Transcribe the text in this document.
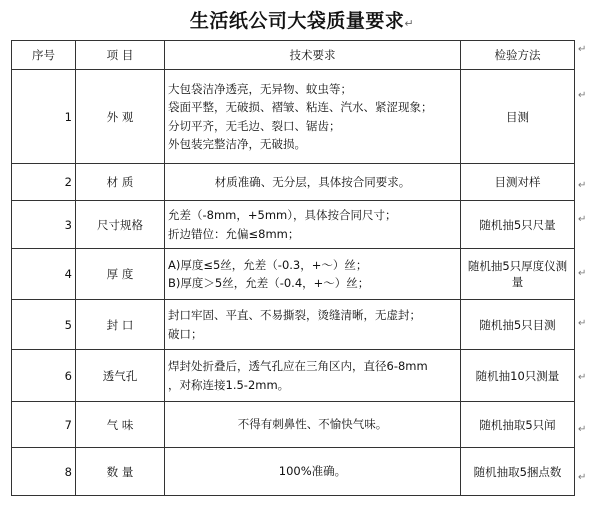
生活纸公司大袋质量要求↵
序号	项 目	技术要求	检验方法
1	外 观	大包袋洁净透亮，无异物、蚊虫等；
袋面平整，无破损、褶皱、粘连、汽水、紧涩现象；
分切平齐，无毛边、裂口、锯齿；
外包装完整洁净，无破损。	目测
2	材 质	材质准确、无分层，具体按合同要求。	目测对样
3	尺寸规格	允差（-8mm，+5mm），具体按合同尺寸；
折边错位：允偏≤8mm；	随机抽5只尺量
4	厚 度	A)厚度≤5丝，允差（-0.3，+～）丝；
B)厚度＞5丝，允差（-0.4，+～）丝；	随机抽5只厚度仪测量
5	封 口	封口牢固、平直、不易撕裂，烫缝清晰，无虚封；
破口；	随机抽5只目测
6	透气孔	焊封处折叠后，透气孔应在三角区内，直径6-8mm
，对称连接1.5-2mm。	随机抽10只测量
7	气 味	不得有刺鼻性、不愉快气味。	随机抽取5只闻
8	数 量	100%准确。	随机抽取5捆点数
↵
↵
↵
↵
↵
↵
↵
↵
↵
